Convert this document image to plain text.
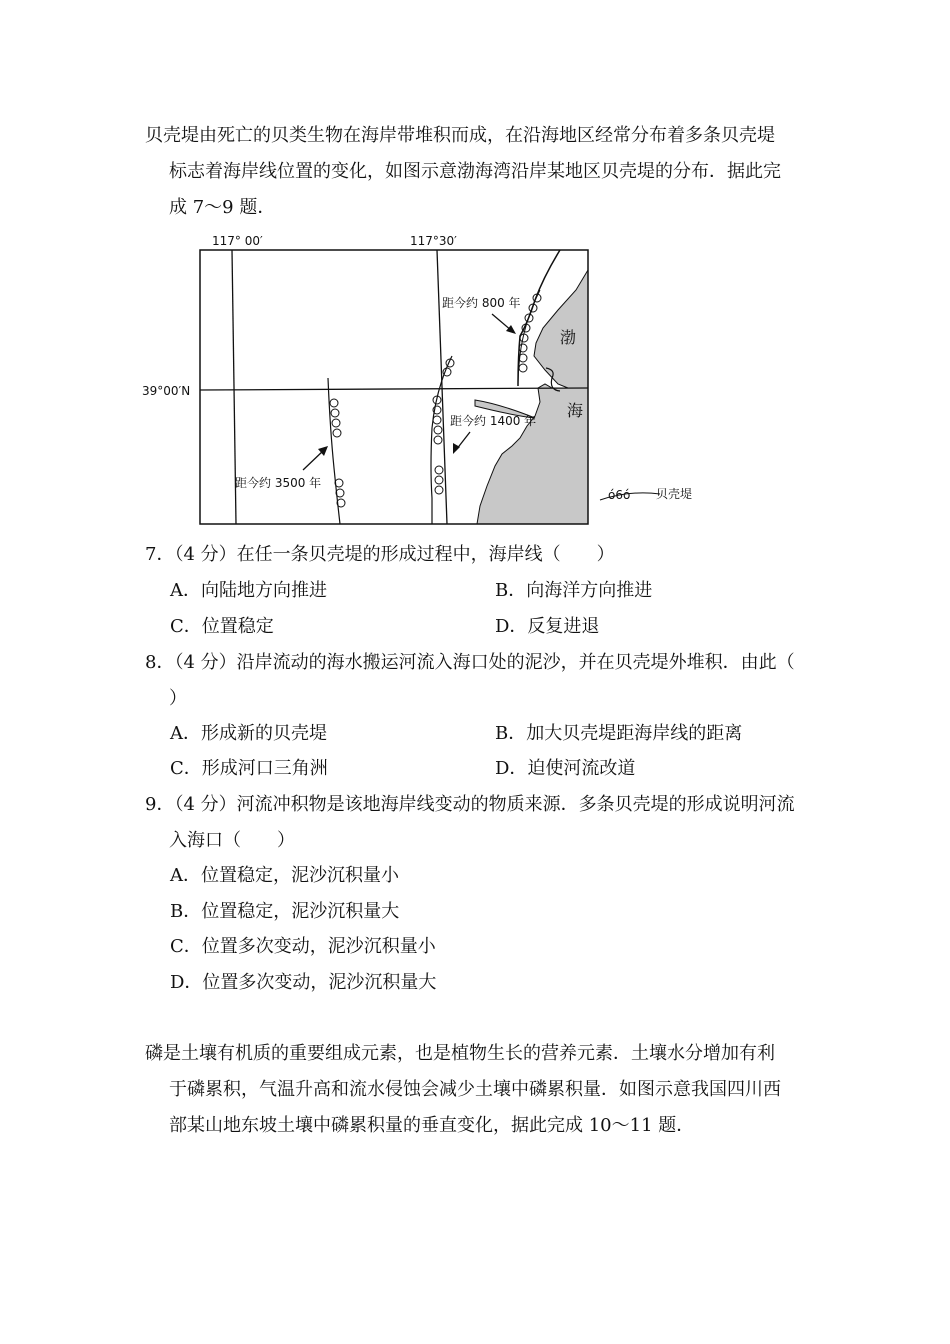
贝壳堤由死亡的贝类生物在海岸带堆积而成，在沿海地区经常分布着多条贝壳堤
标志着海岸线位置的变化，如图示意渤海湾沿岸某地区贝壳堤的分布．据此完
成 7～9 题．
117° 00′	117°30′
39°00′N
距今约 800 年
距今约 1400 年
距今约 3500 年
渤
海
ó6ó 贝壳堤
7．（4 分）在任一条贝壳堤的形成过程中，海岸线（　　）
A．向陆地方向推进	B．向海洋方向推进
C．位置稳定	D．反复进退
8．（4 分）沿岸流动的海水搬运河流入海口处的泥沙，并在贝壳堤外堆积．由此（
）
A．形成新的贝壳堤	B．加大贝壳堤距海岸线的距离
C．形成河口三角洲	D．迫使河流改道
9．（4 分）河流冲积物是该地海岸线变动的物质来源．多条贝壳堤的形成说明河流
入海口（　　）
A．位置稳定，泥沙沉积量小
B．位置稳定，泥沙沉积量大
C．位置多次变动，泥沙沉积量小
D．位置多次变动，泥沙沉积量大
磷是土壤有机质的重要组成元素，也是植物生长的营养元素．土壤水分增加有利
于磷累积，气温升高和流水侵蚀会减少土壤中磷累积量．如图示意我国四川西
部某山地东坡土壤中磷累积量的垂直变化，据此完成 10～11 题．
